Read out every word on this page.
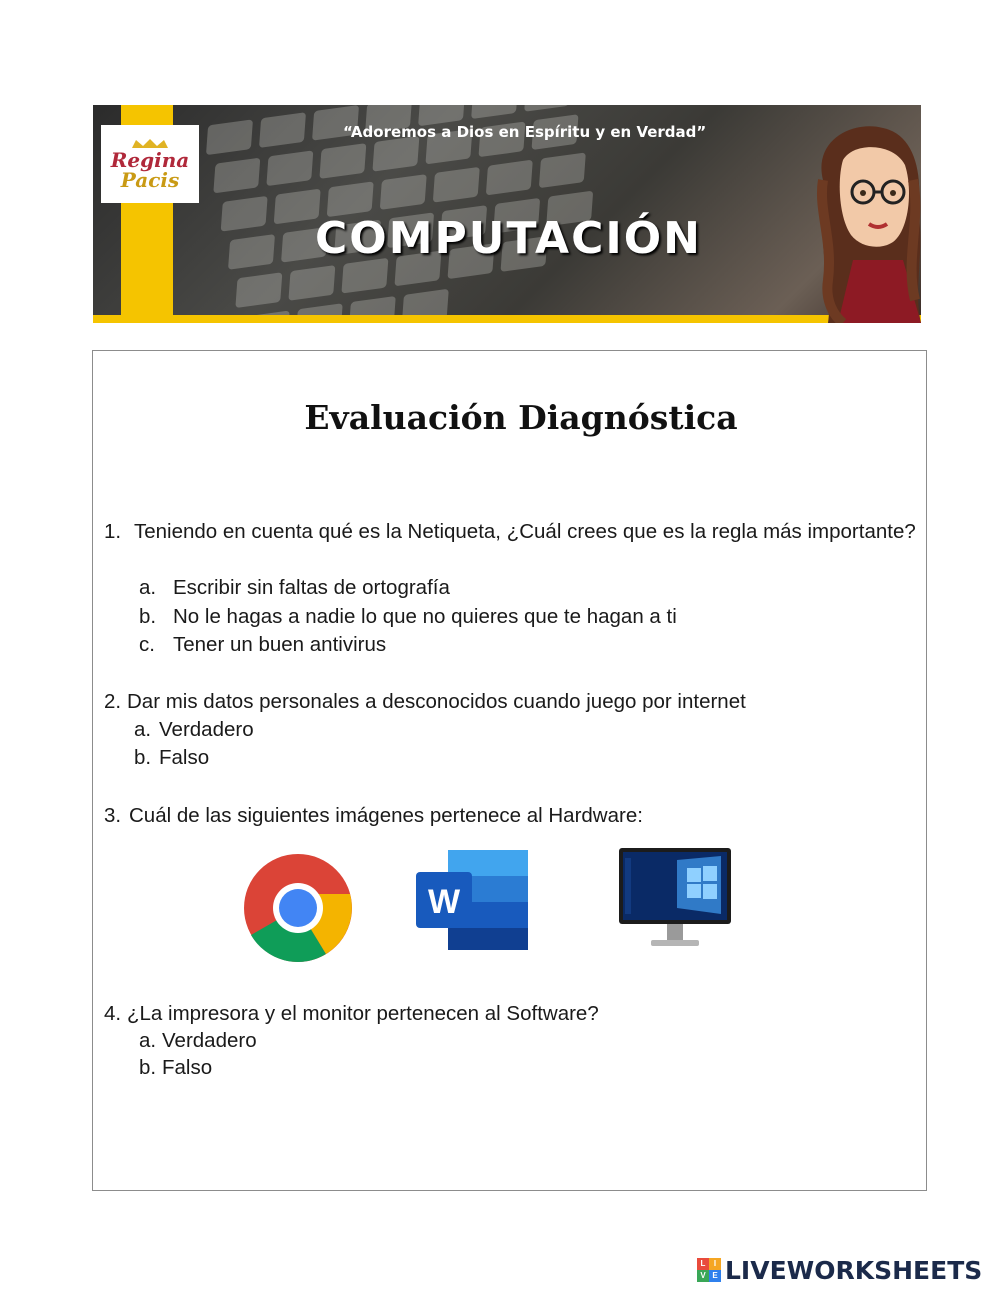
Regina
Pacis
“Adoremos a Dios en Espíritu y en Verdad”
COMPUTACIÓN
Evaluación Diagnóstica
1. Teniendo en cuenta qué es la Netiqueta, ¿Cuál crees que es la regla más importante?
a. Escribir sin faltas de ortografía
b. No le hagas a nadie lo que no quieres que te hagan a ti
c. Tener un buen antivirus
2. Dar mis datos personales a desconocidos cuando juego por internet
a. Verdadero
b. Falso
3. Cuál de las siguientes imágenes pertenece al Hardware:
W
4. ¿La impresora y el monitor pertenecen al Software?
a. Verdadero
b. Falso
L	I
V E LIVEWORKSHEETS
